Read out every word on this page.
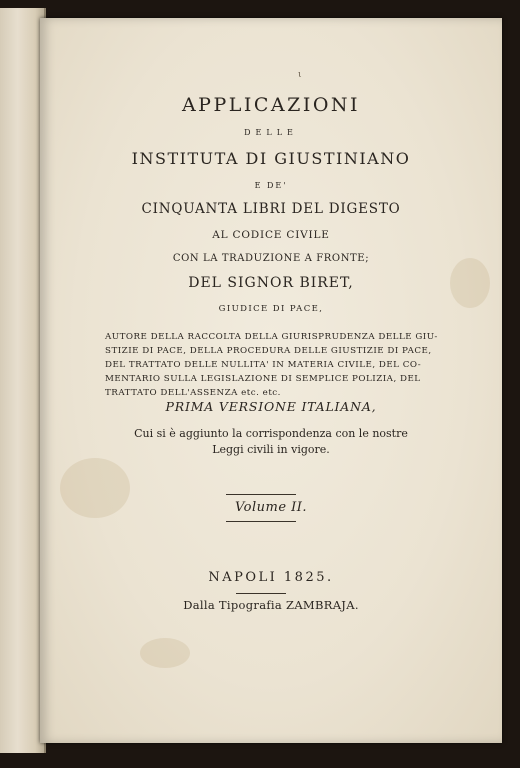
ι
APPLICAZIONI
DELLE
INSTITUTA DI GIUSTINIANO
E DE'
CINQUANTA LIBRI DEL DIGESTO
AL CODICE CIVILE
CON LA TRADUZIONE A FRONTE;
DEL SIGNOR BIRET,
GIUDICE DI PACE,
AUTORE DELLA RACCOLTA DELLA GIURISPRUDENZA DELLE GIU-
STIZIE DI PACE, DELLA PROCEDURA DELLE GIUSTIZIE DI PACE,
DEL TRATTATO DELLE NULLITA' IN MATERIA CIVILE, DEL CO-
MENTARIO SULLA LEGISLAZIONE DI SEMPLICE POLIZIA, DEL
TRATTATO DELL'ASSENZA etc. etc.
PRIMA VERSIONE ITALIANA,
Cui si è aggiunto la corrispondenza con le nostre
Leggi civili in vigore.
Volume II.
NAPOLI 1825.
Dalla Tipografia ZAMBRAJA.
